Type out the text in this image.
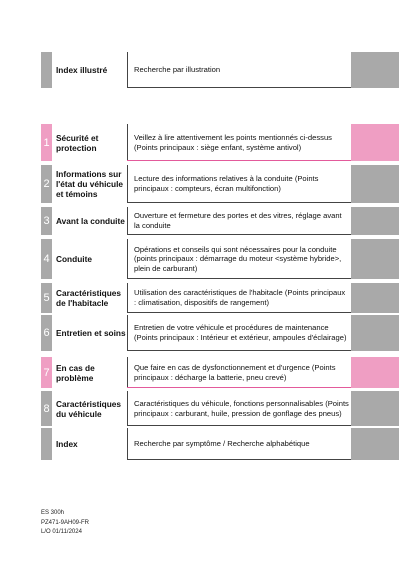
Index illustré	Recherche par illustration
1 Sécurité et protection
Veillez à lire attentivement les points mentionnés ci-dessus (Points principaux : siège enfant, système antivol)
2
Informations sur l'état du véhicule et témoins
Lecture des informations relatives à la conduite (Points principaux : compteurs, écran multifonction)
3 Avant la conduite
Ouverture et fermeture des portes et des vitres, réglage avant la conduite
4 Conduite
Opérations et conseils qui sont nécessaires pour la conduite (points principaux : démarrage du moteur <système hybride>, plein de carburant)
5 Caractéristiques de l'habitacle
Utilisation des caractéristiques de l'habitacle (Points principaux : climatisation, dispositifs de rangement)
6 Entretien et soins
Entretien de votre véhicule et procédures de maintenance (Points principaux : Intérieur et extérieur, ampoules d'éclairage)
7 En cas de problème
Que faire en cas de dysfonctionnement et d'urgence (Points principaux : décharge la batterie, pneu crevé)
8 Caractéristiques du véhicule
Caractéristiques du véhicule, fonctions personnalisables (Points principaux : carburant, huile, pression de gonflage des pneus)
Index	Recherche par symptôme / Recherche alphabétique
ES 300h
PZ471-9AH09-FR
L/O 01/11/2024
